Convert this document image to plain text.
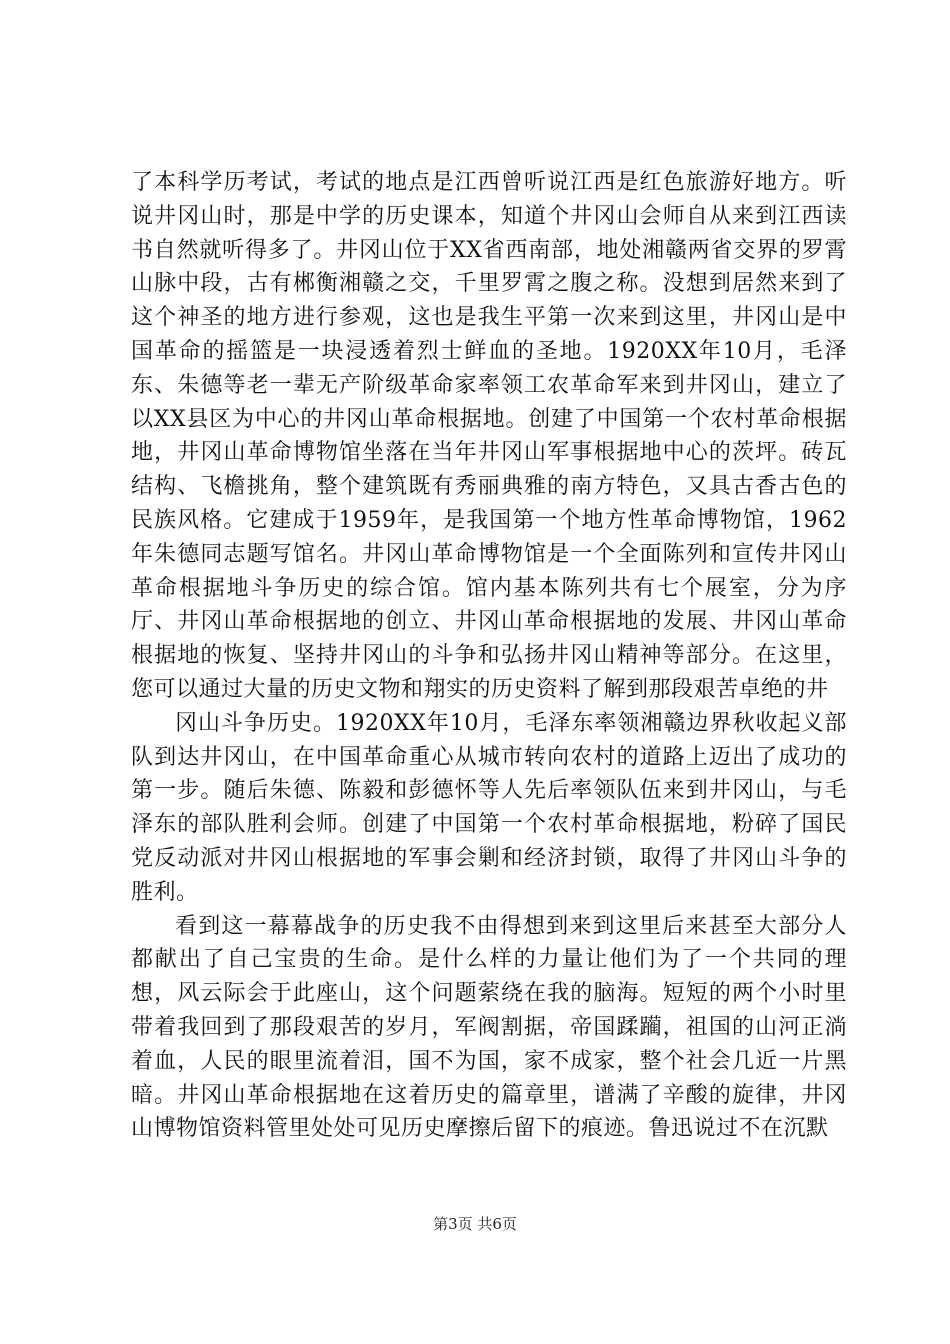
了本科学历考试，考试的地点是江西曾听说江西是红色旅游好地方。听说井冈山时，那是中学的历史课本，知道个井冈山会师自从来到江西读书自然就听得多了。井冈山位于XX省西南部，地处湘赣两省交界的罗霄山脉中段，古有郴衡湘赣之交，千里罗霄之腹之称。没想到居然来到了这个神圣的地方进行参观，这也是我生平第一次来到这里，井冈山是中国革命的摇篮是一块浸透着烈士鲜血的圣地。1920XX年10月，毛泽东、朱德等老一辈无产阶级革命家率领工农革命军来到井冈山，建立了以XX县区为中心的井冈山革命根据地。创建了中国第一个农村革命根据地，井冈山革命博物馆坐落在当年井冈山军事根据地中心的茨坪。砖瓦结构、飞檐挑角，整个建筑既有秀丽典雅的南方特色，又具古香古色的民族风格。它建成于1959年，是我国第一个地方性革命博物馆，1962年朱德同志题写馆名。井冈山革命博物馆是一个全面陈列和宣传井冈山革命根据地斗争历史的综合馆。馆内基本陈列共有七个展室，分为序厅、井冈山革命根据地的创立、井冈山革命根据地的发展、井冈山革命根据地的恢复、坚持井冈山的斗争和弘扬井冈山精神等部分。在这里，您可以通过大量的历史文物和翔实的历史资料了解到那段艰苦卓绝的井

冈山斗争历史。1920XX年10月，毛泽东率领湘赣边界秋收起义部队到达井冈山，在中国革命重心从城市转向农村的道路上迈出了成功的第一步。随后朱德、陈毅和彭德怀等人先后率领队伍来到井冈山，与毛泽东的部队胜利会师。创建了中国第一个农村革命根据地，粉碎了国民党反动派对井冈山根据地的军事会剿和经济封锁，取得了井冈山斗争的胜利。

看到这一幕幕战争的历史我不由得想到来到这里后来甚至大部分人都献出了自己宝贵的生命。是什么样的力量让他们为了一个共同的理想，风云际会于此座山，这个问题萦绕在我的脑海。短短的两个小时里带着我回到了那段艰苦的岁月，军阀割据，帝国蹂躏，祖国的山河正淌着血，人民的眼里流着泪，国不为国，家不成家，整个社会几近一片黑暗。井冈山革命根据地在这着历史的篇章里，谱满了辛酸的旋律，井冈山博物馆资料管里处处可见历史摩擦后留下的痕迹。鲁迅说过不在沉默

第3页 共6页
